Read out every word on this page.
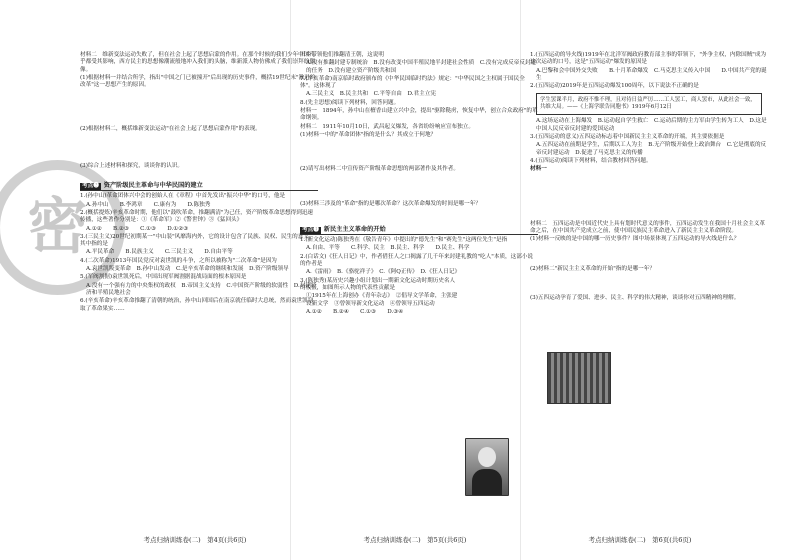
密

材料二　维新变法运动失败了，但在社会上起了思想启蒙的作用。在那个时候的我们少年中国几乎都受其影响，西方民主的思想像潮流般地冲入我们的头脑，维新派人物仿佛成了我们崇拜的偶像。

(1)根据材料一并结合所学，指出"中国之门已被撞开"后出现的历史事件，概括19世纪末"激进的改革"这一思想产生的原因。

(2)根据材料二，概括维新变法运动"在社会上起了思想启蒙作用"的表现。

(3)综合上述材料和探究，谈谈你的认识。

考点❷ 资产阶级民主革命与中华民国的建立

1.(孙中山)革命团体兴中会的创始人在《章程》中首先发出"振兴中华"的口号，他是

A.孙中山　　B.李鸿章　　C.康有为　　D.陈独秀

2.(概括提炼)辛亥革命时期，他们以"鼓吹革命，推翻满清"为己任，资产阶级革命思想得到迅速传播，这些著作分别是：①《革命军》②《警世钟》③《猛回头》

A.①②　　B.②③　　C.①③　　D.①②③

3.(三民主义)20世纪初期某一"中山装"风靡海内外，它的设计包含了民族、民权、民生的意义，其中指的是

A.平民革命　　B.民族主义　　C.三民主义　　D.自由平等

4.(二次革命)1913年国民党反对袁世凯的斗争，之所以被称为"二次革命"是因为

A.袁世凯叛变革命　B.孙中山发动　C.是辛亥革命的继续和发展　D.资产阶级领导

5.(军阀割据)袁世凯死后，中国出现军阀割据混战局面的根本原因是

A.没有一个强有力的中央集权的政权　B.帝国主义支持　C.中国资产阶级的软弱性　D.封建经济和半殖民地社会

6.(辛亥革命)辛亥革命推翻了清朝的统治，孙中山回国后在南京就任临时大总统，然而袁世凯窃取了革命果实……

旧乡带领他们推翻清王朝，这说明

A.没有推翻封建专制统治　B.没有改变中国半殖民地半封建社会性质　C.没有完成反帝反封建的任务　D.没有建立资产阶级共和国

7.(辛亥革命)南京临时政府颁布的《中华民国临时约法》规定："中华民国之主权属于国民全体"。这体现了

A.三民主义　B.民主共和　C.平等自由　D.君主立宪

8.(先主思想)阅读下列材料，回答问题。

材料一　1894年，孙中山在檀香山建立兴中会，提出"驱除鞑虏，恢复中华，创立合众政府"的革命纲领。

材料二　1911年10月10日，武昌起义爆发，各省纷纷响应宣布独立。

(1)材料一中的"革命团体"指的是什么？其成立于何地？

(2)请写出材料二中宣传资产阶级革命思想的两部著作及其作者。

(3)材料三涉及的"革命"指的是哪次革命？这次革命爆发的时间是哪一年？

考点❸ 新民主主义革命的开始

1.(新文化运动)陈独秀在《敬告青年》中提出的"德先生"和"赛先生"这两位先生"是指

A.自由、平等　　C.科学、民主　B.民主、科学　　D.民主、科学

2.(白话文)《狂人日记》中，作者借狂人之口揭露了几千年来封建礼教的"吃人"本质，这部小说的作者是

A.《雷雨》　B.《骆驼祥子》　C.《阿Q正传》　D.《狂人日记》

3.(陈独秀)某历史兴趣小组计划出一期新文化运动时期历史名人的板报，如图所示人物的代表性贡献是

①1915年在上海创办《青年杂志》　②倡导文学革命，主张建设新文学　③曾领导新文化运动　④曾领导五四运动

A.①②　　B.②④　　C.①③　　D.③④

1.(五四运动的导火线)1919年在北洋军阀政府教育部主事的带领下，"外争主权，内除国贼"成为这次运动的口号，这是"五四运动"爆发的原因是

A.巴黎和会中国外交失败　　B.十月革命爆发　C.马克思主义传入中国　　D.中国共产党的诞生

2.(五四运动)2019年是五四运动爆发100周年，以下说法不正确的是

学生罢课半月，政府不惟不理，且对待日益严厉……工人罢工，商人罢市，从此社会一致，共维大局。——《上海学联告同胞书》1919年6月12日

A.这场运动在上海爆发　B.运动起自学生救亡　C.运动后期的主力军由学生转为工人　D.这是中国人民反帝反封建的爱国运动

3.(五四运动的意义)五四运动标志着中国新民主主义革命的开端，其主要依据是

A.五四运动在前期是学生，后期以工人为主　B.无产阶级开始登上政治舞台　C.它是彻底的反帝反封建运动　D.促进了马克思主义的传播

4.(五四运动)阅读下列材料，结合教材回答问题。

材料一

材料二　五四运动是中国近代史上具有划时代意义的事件，五四运动发生在我国十月社会主义革命之后，在中国共产党成立之前，使中国民族民主革命进入了新民主主义革命阶段。

(1)材料一反映的是中国的哪一历史事件？图中场景体现了五四运动的导火线是什么？

(2)材料二"新民主主义革命的开始"指的是哪一年？

(3)五四运动孕育了爱国、进步、民主、科学的伟大精神，谈谈你对五四精神的理解。

考点归纳训练卷(二)　第4页(共6页)	考点归纳训练卷(二)　第5页(共6页)	考点归纳训练卷(二)　第6页(共6页)
